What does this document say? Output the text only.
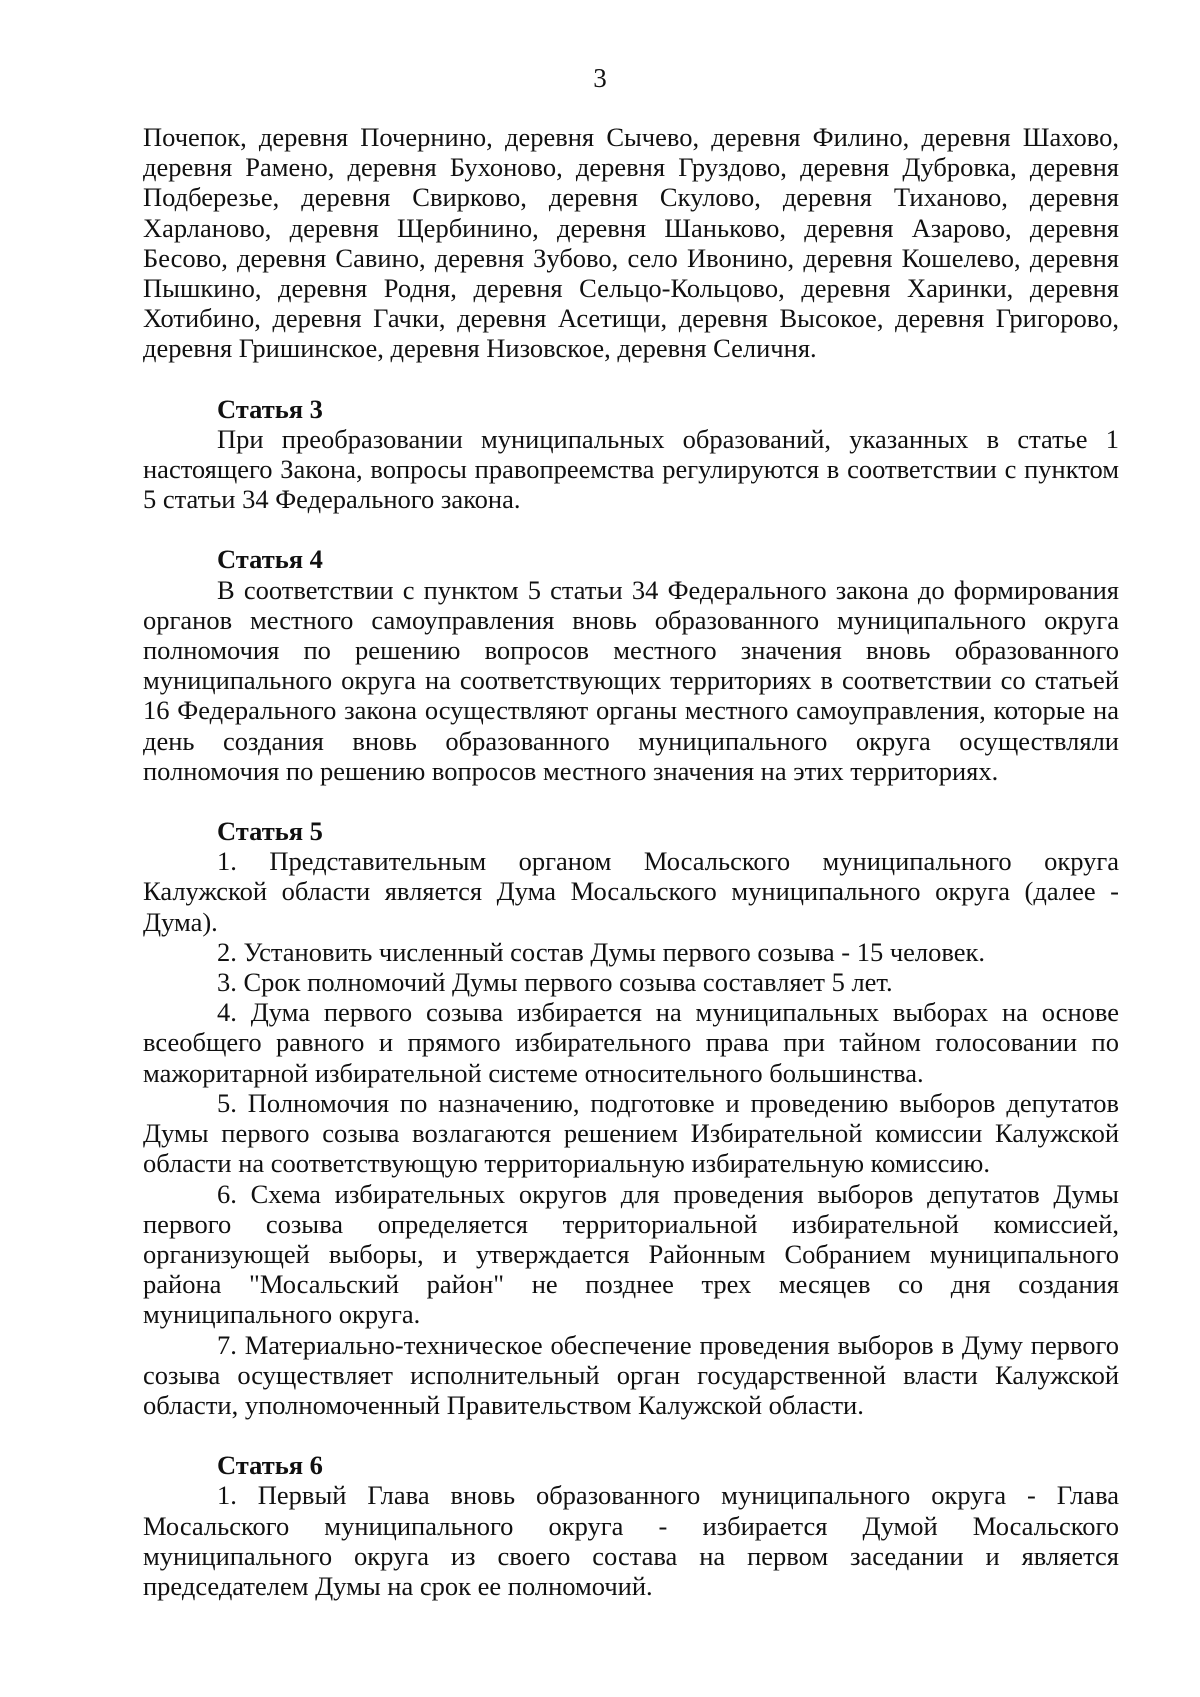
3

Почепок, деревня Почернино, деревня Сычево, деревня Филино, деревня Шахово, деревня Рамено, деревня Бухоново, деревня Груздово, деревня Дубровка, деревня Подберезье, деревня Свирково, деревня Скулово, деревня Тиханово, деревня Харланово, деревня Щербинино, деревня Шаньково, деревня Азарово, деревня Бесово, деревня Савино, деревня Зубово, село Ивонино, деревня Кошелево, деревня Пышкино, деревня Родня, деревня Сельцо-Кольцово, деревня Харинки, деревня Хотибино, деревня Гачки, деревня Асетищи, деревня Высокое, деревня Григорово, деревня Гришинское, деревня Низовское, деревня Селичня.

Статья 3

При преобразовании муниципальных образований, указанных в статье 1 настоящего Закона, вопросы правопреемства регулируются в соответствии с пунктом 5 статьи 34 Федерального закона.

Статья 4

В соответствии с пунктом 5 статьи 34 Федерального закона до формирования органов местного самоуправления вновь образованного муниципального округа полномочия по решению вопросов местного значения вновь образованного муниципального округа на соответствующих территориях в соответствии со статьей 16 Федерального закона осуществляют органы местного самоуправления, которые на день создания вновь образованного муниципального округа осуществляли полномочия по решению вопросов местного значения на этих территориях.

Статья 5

1. Представительным органом Мосальского муниципального округа Калужской области является Дума Мосальского муниципального округа (далее - Дума).

2. Установить численный состав Думы первого созыва - 15 человек.

3. Срок полномочий Думы первого созыва составляет 5 лет.

4. Дума первого созыва избирается на муниципальных выборах на основе всеобщего равного и прямого избирательного права при тайном голосовании по мажоритарной избирательной системе относительного большинства.

5. Полномочия по назначению, подготовке и проведению выборов депутатов Думы первого созыва возлагаются решением Избирательной комиссии Калужской области на соответствующую территориальную избирательную комиссию.

6. Схема избирательных округов для проведения выборов депутатов Думы первого созыва определяется территориальной избирательной комиссией, организующей выборы, и утверждается Районным Собранием муниципального района "Мосальский район" не позднее трех месяцев со дня создания муниципального округа.

7. Материально-техническое обеспечение проведения выборов в Думу первого созыва осуществляет исполнительный орган государственной власти Калужской области, уполномоченный Правительством Калужской области.

Статья 6

1. Первый Глава вновь образованного муниципального округа - Глава Мосальского муниципального округа - избирается Думой Мосальского муниципального округа из своего состава на первом заседании и является председателем Думы на срок ее полномочий.
